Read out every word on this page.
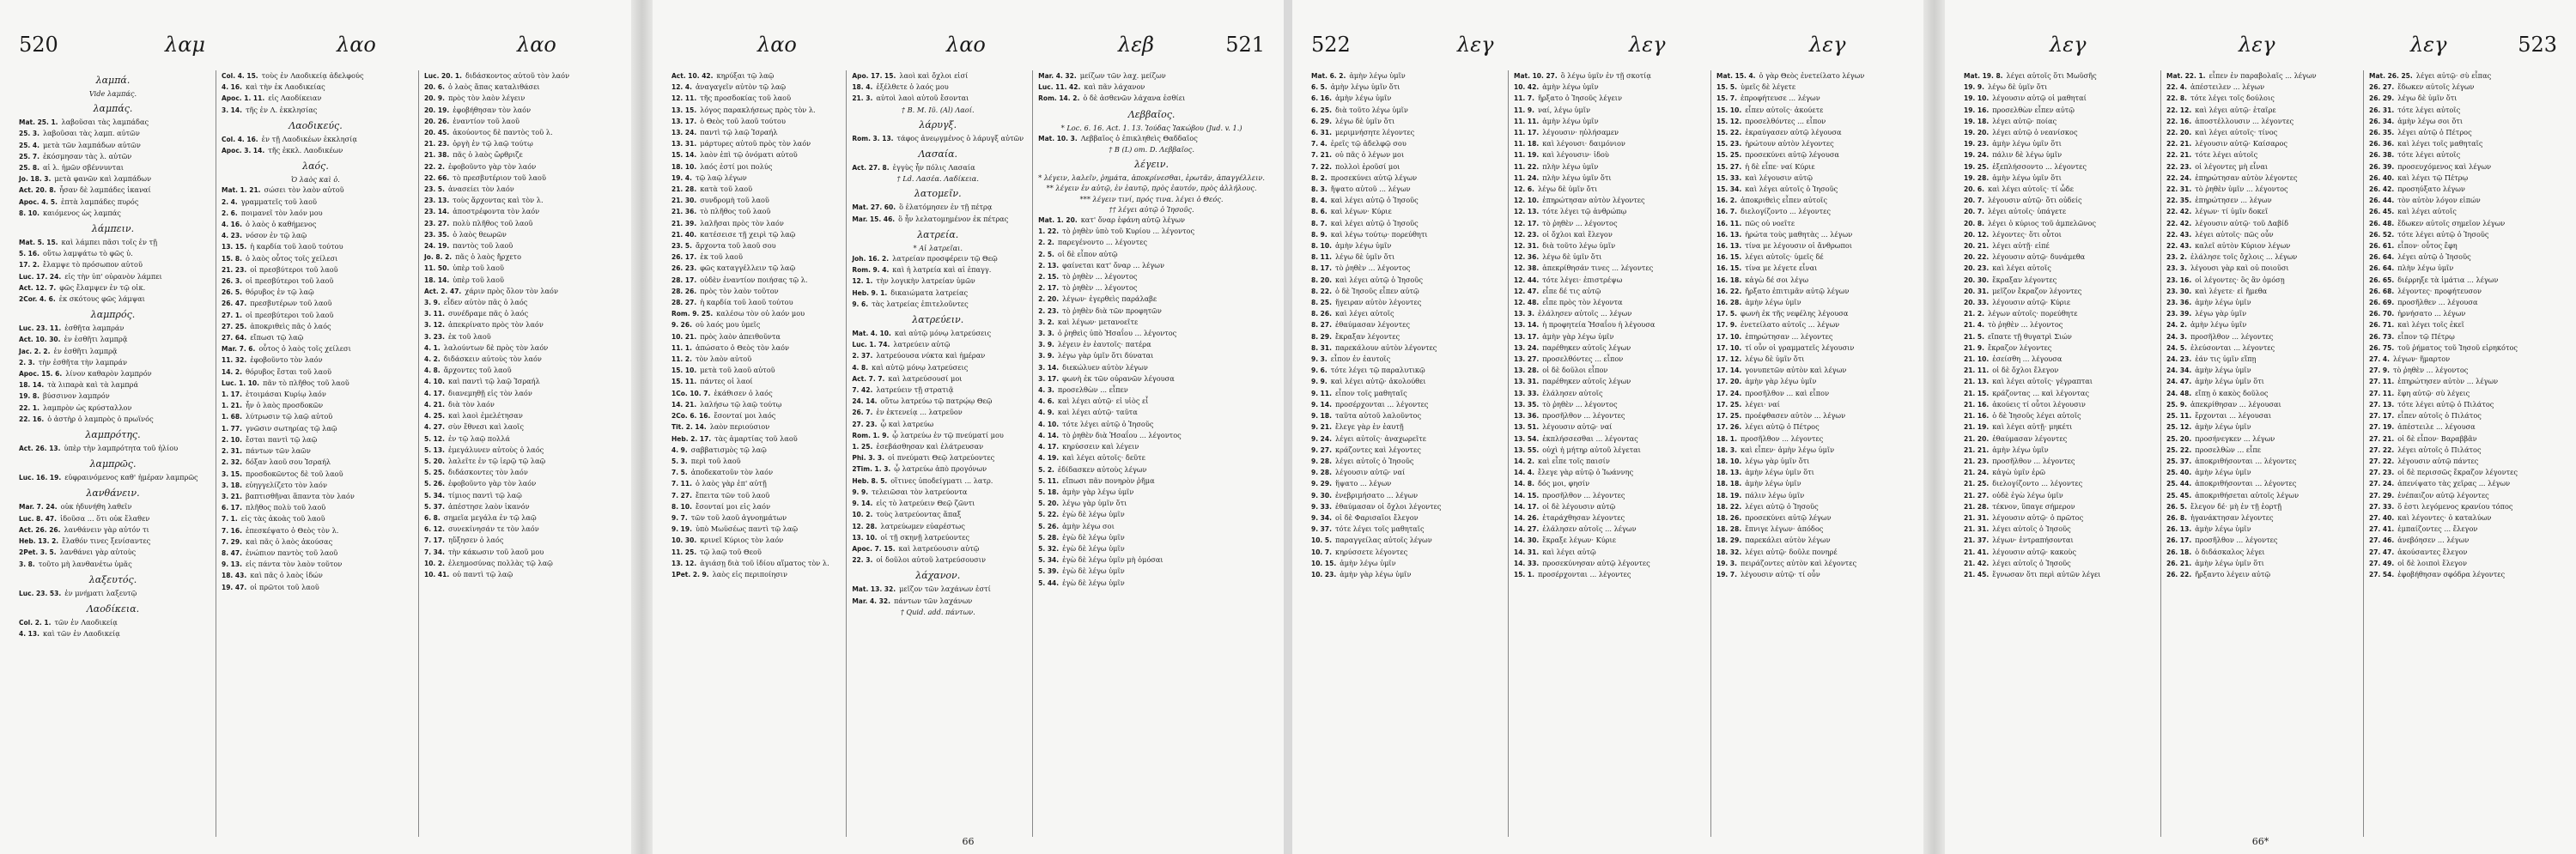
520	λαμ	λαο	λαο
λαμπά.
Vide λαμπάς.
λαμπάς.
Mat. 25. 1. λαβοῦσαι τὰς λαμπάδας
25. 3. λαβοῦσαι τὰς λαμπ. αὐτῶν
25. 4. μετὰ τῶν λαμπάδων αὐτῶν
25. 7. ἐκόσμησαν τὰς λ. αὐτῶν
25. 8. αἱ λ. ἡμῶν σβέννυνται
Jo. 18. 3. μετὰ φανῶν καὶ λαμπάδων
Act. 20. 8. ἦσαν δὲ λαμπάδες ἱκαναί
Apoc. 4. 5. ἑπτὰ λαμπάδες πυρός
8. 10. καιόμενος ὡς λαμπάς
λάμπειν.
Mat. 5. 15. καὶ λάμπει πᾶσι τοῖς ἐν τῇ
5. 16. οὕτω λαμψάτω τὸ φῶς ὑ.
17. 2. ἔλαμψε τὸ πρόσωπον αὐτοῦ
Luc. 17. 24. εἰς τὴν ὑπ' οὐρανὸν λάμπει
Act. 12. 7. φῶς ἔλαμψεν ἐν τῷ οἰκ.
2Cor. 4. 6. ἐκ σκότους φῶς λάμψαι
λαμπρός.
Luc. 23. 11. ἐσθῆτα λαμπράν
Act. 10. 30. ἐν ἐσθῆτι λαμπρᾷ
Jac. 2. 2. ἐν ἐσθῆτι λαμπρᾷ
2. 3. τὴν ἐσθῆτα τὴν λαμπράν
Apoc. 15. 6. λίνον καθαρὸν λαμπρόν
18. 14. τὰ λιπαρὰ καὶ τὰ λαμπρά
19. 8. βύσσινον λαμπρόν
22. 1. λαμπρὸν ὡς κρύσταλλον
22. 16. ὁ ἀστὴρ ὁ λαμπρὸς ὁ πρωϊνός
λαμπρότης.
Act. 26. 13. ὑπὲρ τὴν λαμπρότητα τοῦ ἡλίου
λαμπρῶς.
Luc. 16. 19. εὐφραινόμενος καθ' ἡμέραν λαμπρῶς
λανθάνειν.
Mar. 7. 24. οὐκ ἠδυνήθη λαθεῖν
Luc. 8. 47. ἰδοῦσα ... ὅτι οὐκ ἔλαθεν
Act. 26. 26. λανθάνειν γὰρ αὐτόν τι
Heb. 13. 2. ἔλαθόν τινες ξενίσαντες
2Pet. 3. 5. λανθάνει γὰρ αὐτοὺς
3. 8. τοῦτο μὴ λανθανέτω ὑμᾶς
λαξευτός.
Luc. 23. 53. ἐν μνήματι λαξευτῷ
Λαοδίκεια.
Col. 2. 1. τῶν ἐν Λαοδικείᾳ
4. 13. καὶ τῶν ἐν Λαοδικείᾳ
Col. 4. 15. τοὺς ἐν Λαοδικείᾳ ἀδελφούς
4. 16. καὶ τὴν ἐκ Λαοδικείας
Apoc. 1. 11. εἰς Λαοδίκειαν
3. 14. τῆς ἐν Λ. ἐκκλησίας
Λαοδικεύς.
Col. 4. 16. ἐν τῇ Λαοδικέων ἐκκλησίᾳ
Apoc. 3. 14. τῆς ἐκκλ. Λαοδικέων
λαός.
Ὁ λαὸς καὶ ὁ.
Mat. 1. 21. σώσει τὸν λαὸν αὐτοῦ
2. 4. γραμματεῖς τοῦ λαοῦ
2. 6. ποιμανεῖ τὸν λαόν μου
4. 16. ὁ λαὸς ὁ καθήμενος
4. 23. νόσον ἐν τῷ λαῷ
13. 15. ἡ καρδία τοῦ λαοῦ τούτου
15. 8. ὁ λαὸς οὗτος τοῖς χείλεσι
21. 23. οἱ πρεσβύτεροι τοῦ λαοῦ
26. 3. οἱ πρεσβύτεροι τοῦ λαοῦ
26. 5. θόρυβος ἐν τῷ λαῷ
26. 47. πρεσβυτέρων τοῦ λαοῦ
27. 1. οἱ πρεσβύτεροι τοῦ λαοῦ
27. 25. ἀποκριθεὶς πᾶς ὁ λαός
27. 64. εἴπωσι τῷ λαῷ
Mar. 7. 6. οὗτος ὁ λαὸς τοῖς χείλεσι
11. 32. ἐφοβοῦντο τὸν λαόν
14. 2. θόρυβος ἔσται τοῦ λαοῦ
Luc. 1. 10. πᾶν τὸ πλῆθος τοῦ λαοῦ
1. 17. ἑτοιμάσαι Κυρίῳ λαόν
1. 21. ἦν ὁ λαὸς προσδοκῶν
1. 68. λύτρωσιν τῷ λαῷ αὐτοῦ
1. 77. γνῶσιν σωτηρίας τῷ λαῷ
2. 10. ἔσται παντὶ τῷ λαῷ
2. 31. πάντων τῶν λαῶν
2. 32. δόξαν λαοῦ σου Ἰσραήλ
3. 15. προσδοκῶντος δὲ τοῦ λαοῦ
3. 18. εὐηγγελίζετο τὸν λαόν
3. 21. βαπτισθῆναι ἅπαντα τὸν λαόν
6. 17. πλῆθος πολὺ τοῦ λαοῦ
7. 1. εἰς τὰς ἀκοὰς τοῦ λαοῦ
7. 16. ἐπεσκέψατο ὁ Θεὸς τὸν λ.
7. 29. καὶ πᾶς ὁ λαὸς ἀκούσας
8. 47. ἐνώπιον παντὸς τοῦ λαοῦ
9. 13. εἰς πάντα τὸν λαὸν τοῦτον
18. 43. καὶ πᾶς ὁ λαὸς ἰδών
19. 47. οἱ πρῶτοι τοῦ λαοῦ
Luc. 20. 1. διδάσκοντος αὐτοῦ τὸν λαόν
20. 6. ὁ λαὸς ἅπας καταλιθάσει
20. 9. πρὸς τὸν λαὸν λέγειν
20. 19. ἐφοβήθησαν τὸν λαόν
20. 26. ἐναντίον τοῦ λαοῦ
20. 45. ἀκούοντος δὲ παντὸς τοῦ λ.
21. 23. ὀργὴ ἐν τῷ λαῷ τούτῳ
21. 38. πᾶς ὁ λαὸς ὤρθριζε
22. 2. ἐφοβοῦντο γὰρ τὸν λαόν
22. 66. τὸ πρεσβυτέριον τοῦ λαοῦ
23. 5. ἀνασείει τὸν λαόν
23. 13. τοὺς ἄρχοντας καὶ τὸν λ.
23. 14. ἀποστρέφοντα τὸν λαόν
23. 27. πολὺ πλῆθος τοῦ λαοῦ
23. 35. ὁ λαὸς θεωρῶν
24. 19. παντὸς τοῦ λαοῦ
Jo. 8. 2. πᾶς ὁ λαὸς ἤρχετο
11. 50. ὑπὲρ τοῦ λαοῦ
18. 14. ὑπὲρ τοῦ λαοῦ
Act. 2. 47. χάριν πρὸς ὅλον τὸν λαόν
3. 9. εἶδεν αὐτὸν πᾶς ὁ λαός
3. 11. συνέδραμε πᾶς ὁ λαός
3. 12. ἀπεκρίνατο πρὸς τὸν λαόν
3. 23. ἐκ τοῦ λαοῦ
4. 1. λαλούντων δὲ πρὸς τὸν λαόν
4. 2. διδάσκειν αὐτοὺς τὸν λαόν
4. 8. ἄρχοντες τοῦ λαοῦ
4. 10. καὶ παντὶ τῷ λαῷ Ἰσραήλ
4. 17. διανεμηθῇ εἰς τὸν λαόν
4. 21. διὰ τὸν λαόν
4. 25. καὶ λαοὶ ἐμελέτησαν
4. 27. σὺν ἔθνεσι καὶ λαοῖς
5. 12. ἐν τῷ λαῷ πολλά
5. 13. ἐμεγάλυνεν αὐτοὺς ὁ λαός
5. 20. λαλεῖτε ἐν τῷ ἱερῷ τῷ λαῷ
5. 25. διδάσκοντες τὸν λαόν
5. 26. ἐφοβοῦντο γὰρ τὸν λαόν
5. 34. τίμιος παντὶ τῷ λαῷ
5. 37. ἀπέστησε λαὸν ἱκανόν
6. 8. σημεῖα μεγάλα ἐν τῷ λαῷ
6. 12. συνεκίνησάν τε τὸν λαόν
7. 17. ηὔξησεν ὁ λαός
7. 34. τὴν κάκωσιν τοῦ λαοῦ μου
10. 2. ἐλεημοσύνας πολλὰς τῷ λαῷ
10. 41. οὐ παντὶ τῷ λαῷ
λαο	λαο	λεβ	521
Act. 10. 42. κηρύξαι τῷ λαῷ
12. 4. ἀναγαγεῖν αὐτὸν τῷ λαῷ
12. 11. τῆς προσδοκίας τοῦ λαοῦ
13. 15. λόγος παρακλήσεως πρὸς τὸν λ.
13. 17. ὁ Θεὸς τοῦ λαοῦ τούτου
13. 24. παντὶ τῷ λαῷ Ἰσραήλ
13. 31. μάρτυρες αὐτοῦ πρὸς τὸν λαόν
15. 14. λαὸν ἐπὶ τῷ ὀνόματι αὐτοῦ
18. 10. λαός ἐστί μοι πολύς
19. 4. τῷ λαῷ λέγων
21. 28. κατὰ τοῦ λαοῦ
21. 30. συνδρομὴ τοῦ λαοῦ
21. 36. τὸ πλῆθος τοῦ λαοῦ
21. 39. λαλῆσαι πρὸς τὸν λαόν
21. 40. κατέσεισε τῇ χειρὶ τῷ λαῷ
23. 5. ἄρχοντα τοῦ λαοῦ σου
26. 17. ἐκ τοῦ λαοῦ
26. 23. φῶς καταγγέλλειν τῷ λαῷ
28. 17. οὐδὲν ἐναντίον ποιήσας τῷ λ.
28. 26. πρὸς τὸν λαὸν τοῦτον
28. 27. ἡ καρδία τοῦ λαοῦ τούτου
Rom. 9. 25. καλέσω τὸν οὐ λαόν μου
9. 26. οὐ λαός μου ὑμεῖς
10. 21. πρὸς λαὸν ἀπειθοῦντα
11. 1. ἀπώσατο ὁ Θεὸς τὸν λαόν
11. 2. τὸν λαὸν αὐτοῦ
15. 10. μετὰ τοῦ λαοῦ αὐτοῦ
15. 11. πάντες οἱ λαοί
1Co. 10. 7. ἐκάθισεν ὁ λαός
14. 21. λαλήσω τῷ λαῷ τούτῳ
2Co. 6. 16. ἔσονταί μοι λαός
Tit. 2. 14. λαὸν περιούσιον
Heb. 2. 17. τὰς ἁμαρτίας τοῦ λαοῦ
4. 9. σαββατισμὸς τῷ λαῷ
5. 3. περὶ τοῦ λαοῦ
7. 5. ἀποδεκατοῦν τὸν λαόν
7. 11. ὁ λαὸς γὰρ ἐπ' αὐτῇ
7. 27. ἔπειτα τῶν τοῦ λαοῦ
8. 10. ἔσονταί μοι εἰς λαόν
9. 7. τῶν τοῦ λαοῦ ἀγνοημάτων
9. 19. ὑπὸ Μωϋσέως παντὶ τῷ λαῷ
10. 30. κρινεῖ Κύριος τὸν λαόν
11. 25. τῷ λαῷ τοῦ Θεοῦ
13. 12. ἁγιάσῃ διὰ τοῦ ἰδίου αἵματος τὸν λ.
1Pet. 2. 9. λαὸς εἰς περιποίησιν
Apo. 17. 15. λαοὶ καὶ ὄχλοι εἰσί
18. 4. ἐξέλθετε ὁ λαός μου
21. 3. αὐτοὶ λαοὶ αὐτοῦ ἔσονται
† Β. Μ. Ιῦ. (Al) Λαοί.
λάρυγξ.
Rom. 3. 13. τάφος ἀνεῳγμένος ὁ λάρυγξ αὐτῶν
Λασαία.
Act. 27. 8. ἐγγὺς ἦν πόλις Λασαία
† Ld. Λασέα. Λαδίκεια.
λατομεῖν.
Mat. 27. 60. ὃ ἐλατόμησεν ἐν τῇ πέτρᾳ
Mar. 15. 46. ὃ ἦν λελατομημένον ἐκ πέτρας
λατρεία.
* Αἱ λατρεῖαι.
Joh. 16. 2. λατρείαν προσφέρειν τῷ Θεῷ
Rom. 9. 4. καὶ ἡ λατρεία καὶ αἱ ἐπαγγ.
12. 1. τὴν λογικὴν λατρείαν ὑμῶν
Heb. 9. 1. δικαιώματα λατρείας
9. 6. τὰς λατρείας ἐπιτελοῦντες
λατρεύειν.
Mat. 4. 10. καὶ αὐτῷ μόνῳ λατρεύσεις
Luc. 1. 74. λατρεύειν αὐτῷ
2. 37. λατρεύουσα νύκτα καὶ ἡμέραν
4. 8. καὶ αὐτῷ μόνῳ λατρεύσεις
Act. 7. 7. καὶ λατρεύσουσί μοι
7. 42. λατρεύειν τῇ στρατιᾷ
24. 14. οὕτω λατρεύω τῷ πατρῴῳ Θεῷ
26. 7. ἐν ἐκτενείᾳ ... λατρεῦον
27. 23. ᾧ καὶ λατρεύω
Rom. 1. 9. ᾧ λατρεύω ἐν τῷ πνεύματί μου
1. 25. ἐσεβάσθησαν καὶ ἐλάτρευσαν
Phi. 3. 3. οἱ πνεύματι Θεῷ λατρεύοντες
2Tim. 1. 3. ᾧ λατρεύω ἀπὸ προγόνων
Heb. 8. 5. οἵτινες ὑποδείγματι ... λατρ.
9. 9. τελειῶσαι τὸν λατρεύοντα
9. 14. εἰς τὸ λατρεύειν Θεῷ ζῶντι
10. 2. τοὺς λατρεύοντας ἅπαξ
12. 28. λατρεύωμεν εὐαρέστως
13. 10. οἱ τῇ σκηνῇ λατρεύοντες
Apoc. 7. 15. καὶ λατρεύουσιν αὐτῷ
22. 3. οἱ δοῦλοι αὐτοῦ λατρεύσουσιν
λάχανον.
Mat. 13. 32. μεῖζον τῶν λαχάνων ἐστί
Mar. 4. 32. πάντων τῶν λαχάνων
† Quid. add. πάντων.
Mar. 4. 32. μείζων τῶν λαχ. μείζων
Luc. 11. 42. καὶ πᾶν λάχανον
Rom. 14. 2. ὁ δὲ ἀσθενῶν λάχανα ἐσθίει
Λεββαῖος.
* Loc. 6. 16. Act. 1. 13. Ἰούδας Ἰακώβου (Jud. v. 1.)
Mat. 10. 3. Λεββαῖος ὁ ἐπικληθεὶς Θαδδαῖος
† B (L) om. D. Λεββαῖος.
λέγειν.
* λέγειν, λαλεῖν, ῥημάτα, ἀποκρίνεσθαι, ἐρωτᾶν, ἀπαγγέλλειν.
** λέγειν ἐν αὐτῷ, ἐν ἑαυτῷ, πρὸς ἑαυτόν, πρὸς ἀλλήλους.
*** λέγειν τινί, πρός τινα. λέγει ὁ Θεός.
†† λέγει αὐτῷ ὁ Ἰησοῦς.
Mat. 1. 20. κατ' ὄναρ ἐφάνη αὐτῷ λέγων
1. 22. τὸ ῥηθὲν ὑπὸ τοῦ Κυρίου ... λέγοντος
2. 2. παρεγένοντο ... λέγοντες
2. 5. οἱ δὲ εἶπον αὐτῷ
2. 13. φαίνεται κατ' ὄναρ ... λέγων
2. 15. τὸ ῥηθὲν ... λέγοντος
2. 17. τὸ ῥηθὲν ... λέγοντος
2. 20. λέγων· ἐγερθεὶς παράλαβε
2. 23. τὸ ῥηθὲν διὰ τῶν προφητῶν
3. 2. καὶ λέγων· μετανοεῖτε
3. 3. ὁ ῥηθεὶς ὑπὸ Ἡσαΐου ... λέγοντος
3. 9. λέγειν ἐν ἑαυτοῖς· πατέρα
3. 9. λέγω γὰρ ὑμῖν ὅτι δύναται
3. 14. διεκώλυεν αὐτὸν λέγων
3. 17. φωνὴ ἐκ τῶν οὐρανῶν λέγουσα
4. 3. προσελθὼν ... εἶπεν
4. 6. καὶ λέγει αὐτῷ· εἰ υἱὸς εἶ
4. 9. καὶ λέγει αὐτῷ· ταῦτα
4. 10. τότε λέγει αὐτῷ ὁ Ἰησοῦς
4. 14. τὸ ῥηθὲν διὰ Ἡσαΐου ... λέγοντος
4. 17. κηρύσσειν καὶ λέγειν
4. 19. καὶ λέγει αὐτοῖς· δεῦτε
5. 2. ἐδίδασκεν αὐτοὺς λέγων
5. 11. εἴπωσι πᾶν πονηρὸν ῥῆμα
5. 18. ἀμὴν γὰρ λέγω ὑμῖν
5. 20. λέγω γὰρ ὑμῖν ὅτι
5. 22. ἐγὼ δὲ λέγω ὑμῖν
5. 26. ἀμὴν λέγω σοι
5. 28. ἐγὼ δὲ λέγω ὑμῖν
5. 32. ἐγὼ δὲ λέγω ὑμῖν
5. 34. ἐγὼ δὲ λέγω ὑμῖν μὴ ὀμόσαι
5. 39. ἐγὼ δὲ λέγω ὑμῖν
5. 44. ἐγὼ δὲ λέγω ὑμῖν
66
522	λεγ	λεγ	λεγ
Mat. 6. 2. ἀμὴν λέγω ὑμῖν
6. 5. ἀμὴν λέγω ὑμῖν ὅτι
6. 16. ἀμὴν λέγω ὑμῖν
6. 25. διὰ τοῦτο λέγω ὑμῖν
6. 29. λέγω δὲ ὑμῖν ὅτι
6. 31. μεριμνήσητε λέγοντες
7. 4. ἐρεῖς τῷ ἀδελφῷ σου
7. 21. οὐ πᾶς ὁ λέγων μοι
7. 22. πολλοὶ ἐροῦσί μοι
8. 2. προσεκύνει αὐτῷ λέγων
8. 3. ἥψατο αὐτοῦ ... λέγων
8. 4. καὶ λέγει αὐτῷ ὁ Ἰησοῦς
8. 6. καὶ λέγων· Κύριε
8. 7. καὶ λέγει αὐτῷ ὁ Ἰησοῦς
8. 9. καὶ λέγω τούτῳ· πορεύθητι
8. 10. ἀμὴν λέγω ὑμῖν
8. 11. λέγω δὲ ὑμῖν ὅτι
8. 17. τὸ ῥηθὲν ... λέγοντος
8. 20. καὶ λέγει αὐτῷ ὁ Ἰησοῦς
8. 22. ὁ δὲ Ἰησοῦς εἶπεν αὐτῷ
8. 25. ἤγειραν αὐτὸν λέγοντες
8. 26. καὶ λέγει αὐτοῖς
8. 27. ἐθαύμασαν λέγοντες
8. 29. ἔκραξαν λέγοντες
8. 31. παρεκάλουν αὐτὸν λέγοντες
9. 3. εἶπον ἐν ἑαυτοῖς
9. 6. τότε λέγει τῷ παραλυτικῷ
9. 9. καὶ λέγει αὐτῷ· ἀκολούθει
9. 11. εἶπον τοῖς μαθηταῖς
9. 14. προσέρχονται ... λέγοντες
9. 18. ταῦτα αὐτοῦ λαλοῦντος
9. 21. ἔλεγε γὰρ ἐν ἑαυτῇ
9. 24. λέγει αὐτοῖς· ἀναχωρεῖτε
9. 27. κράζοντες καὶ λέγοντες
9. 28. λέγει αὐτοῖς ὁ Ἰησοῦς
9. 28. λέγουσιν αὐτῷ· ναί
9. 29. ἥψατο ... λέγων
9. 30. ἐνεβριμήσατο ... λέγων
9. 33. ἐθαύμασαν οἱ ὄχλοι λέγοντες
9. 34. οἱ δὲ Φαρισαῖοι ἔλεγον
9. 37. τότε λέγει τοῖς μαθηταῖς
10. 5. παραγγείλας αὐτοῖς λέγων
10. 7. κηρύσσετε λέγοντες
10. 15. ἀμὴν λέγω ὑμῖν
10. 23. ἀμὴν γὰρ λέγω ὑμῖν
Mat. 10. 27. ὃ λέγω ὑμῖν ἐν τῇ σκοτίᾳ
10. 42. ἀμὴν λέγω ὑμῖν
11. 7. ἤρξατο ὁ Ἰησοῦς λέγειν
11. 9. ναί, λέγω ὑμῖν
11. 11. ἀμὴν λέγω ὑμῖν
11. 17. λέγουσιν· ηὐλήσαμεν
11. 18. καὶ λέγουσι· δαιμόνιον
11. 19. καὶ λέγουσιν· ἰδοὺ
11. 22. πλὴν λέγω ὑμῖν
11. 24. πλὴν λέγω ὑμῖν ὅτι
12. 6. λέγω δὲ ὑμῖν ὅτι
12. 10. ἐπηρώτησαν αὐτὸν λέγοντες
12. 13. τότε λέγει τῷ ἀνθρώπῳ
12. 17. τὸ ῥηθὲν ... λέγοντος
12. 23. οἱ ὄχλοι καὶ ἔλεγον
12. 31. διὰ τοῦτο λέγω ὑμῖν
12. 36. λέγω δὲ ὑμῖν ὅτι
12. 38. ἀπεκρίθησάν τινες ... λέγοντες
12. 44. τότε λέγει· ἐπιστρέψω
12. 47. εἶπε δέ τις αὐτῷ
12. 48. εἶπε πρὸς τὸν λέγοντα
13. 3. ἐλάλησεν αὐτοῖς ... λέγων
13. 14. ἡ προφητεία Ἡσαΐου ἡ λέγουσα
13. 17. ἀμὴν γὰρ λέγω ὑμῖν
13. 24. παρέθηκεν αὐτοῖς λέγων
13. 27. προσελθόντες ... εἶπον
13. 28. οἱ δὲ δοῦλοι εἶπον
13. 31. παρέθηκεν αὐτοῖς λέγων
13. 33. ἐλάλησεν αὐτοῖς
13. 35. τὸ ῥηθὲν ... λέγοντος
13. 36. προσῆλθον ... λέγοντες
13. 51. λέγουσιν αὐτῷ· ναί
13. 54. ἐκπλήσσεσθαι ... λέγοντας
13. 55. οὐχὶ ἡ μήτηρ αὐτοῦ λέγεται
14. 2. καὶ εἶπε τοῖς παισίν
14. 4. ἔλεγε γὰρ αὐτῷ ὁ Ἰωάννης
14. 8. δός μοι, φησίν
14. 15. προσῆλθον ... λέγοντες
14. 17. οἱ δὲ λέγουσιν αὐτῷ
14. 26. ἐταράχθησαν λέγοντες
14. 27. ἐλάλησεν αὐτοῖς ... λέγων
14. 30. ἔκραξε λέγων· Κύριε
14. 31. καὶ λέγει αὐτῷ
14. 33. προσεκύνησαν αὐτῷ λέγοντες
15. 1. προσέρχονται ... λέγοντες
Mat. 15. 4. ὁ γὰρ Θεὸς ἐνετείλατο λέγων
15. 5. ὑμεῖς δὲ λέγετε
15. 7. ἐπροφήτευσε ... λέγων
15. 10. εἶπεν αὐτοῖς· ἀκούετε
15. 12. προσελθόντες ... εἶπον
15. 22. ἐκραύγασεν αὐτῷ λέγουσα
15. 23. ἠρώτουν αὐτὸν λέγοντες
15. 25. προσεκύνει αὐτῷ λέγουσα
15. 27. ἡ δὲ εἶπε· ναί Κύριε
15. 33. καὶ λέγουσιν αὐτῷ
15. 34. καὶ λέγει αὐτοῖς ὁ Ἰησοῦς
16. 2. ἀποκριθεὶς εἶπεν αὐτοῖς
16. 7. διελογίζοντο ... λέγοντες
16. 11. πῶς οὐ νοεῖτε
16. 13. ἠρώτα τοὺς μαθητὰς ... λέγων
16. 13. τίνα με λέγουσιν οἱ ἄνθρωποι
16. 15. λέγει αὐτοῖς· ὑμεῖς δέ
16. 15. τίνα με λέγετε εἶναι
16. 18. κἀγὼ δέ σοι λέγω
16. 22. ἤρξατο ἐπιτιμᾶν αὐτῷ λέγων
16. 28. ἀμὴν λέγω ὑμῖν
17. 5. φωνὴ ἐκ τῆς νεφέλης λέγουσα
17. 9. ἐνετείλατο αὐτοῖς ... λέγων
17. 10. ἐπηρώτησαν ... λέγοντες
17. 10. τί οὖν οἱ γραμματεῖς λέγουσιν
17. 12. λέγω δὲ ὑμῖν ὅτι
17. 14. γονυπετῶν αὐτὸν καὶ λέγων
17. 20. ἀμὴν γὰρ λέγω ὑμῖν
17. 24. προσῆλθον ... καὶ εἶπον
17. 25. λέγει· ναί
17. 25. προέφθασεν αὐτὸν ... λέγων
17. 26. λέγει αὐτῷ ὁ Πέτρος
18. 1. προσῆλθον ... λέγοντες
18. 3. καὶ εἶπεν· ἀμὴν λέγω ὑμῖν
18. 10. λέγω γὰρ ὑμῖν ὅτι
18. 13. ἀμὴν λέγω ὑμῖν ὅτι
18. 18. ἀμὴν λέγω ὑμῖν
18. 19. πάλιν λέγω ὑμῖν
18. 22. λέγει αὐτῷ ὁ Ἰησοῦς
18. 26. προσεκύνει αὐτῷ λέγων
18. 28. ἔπνιγε λέγων· ἀπόδος
18. 29. παρεκάλει αὐτὸν λέγων
18. 32. λέγει αὐτῷ· δοῦλε πονηρέ
19. 3. πειράζοντες αὐτὸν καὶ λέγοντες
19. 7. λέγουσιν αὐτῷ· τί οὖν
λεγ	λεγ	λεγ	523
Mat. 19. 8. λέγει αὐτοῖς ὅτι Μωϋσῆς
19. 9. λέγω δὲ ὑμῖν ὅτι
19. 10. λέγουσιν αὐτῷ οἱ μαθηταί
19. 16. προσελθὼν εἶπεν αὐτῷ
19. 18. λέγει αὐτῷ· ποίας
19. 20. λέγει αὐτῷ ὁ νεανίσκος
19. 23. ἀμὴν λέγω ὑμῖν ὅτι
19. 24. πάλιν δὲ λέγω ὑμῖν
19. 25. ἐξεπλήσσοντο ... λέγοντες
19. 28. ἀμὴν λέγω ὑμῖν ὅτι
20. 6. καὶ λέγει αὐτοῖς· τί ὧδε
20. 7. λέγουσιν αὐτῷ· ὅτι οὐδείς
20. 7. λέγει αὐτοῖς· ὑπάγετε
20. 8. λέγει ὁ κύριος τοῦ ἀμπελῶνος
20. 12. λέγοντες· ὅτι οὗτοι
20. 21. λέγει αὐτῇ· εἰπέ
20. 22. λέγουσιν αὐτῷ· δυνάμεθα
20. 23. καὶ λέγει αὐτοῖς
20. 30. ἔκραξαν λέγοντες
20. 31. μεῖζον ἔκραζον λέγοντες
20. 33. λέγουσιν αὐτῷ· Κύριε
21. 2. λέγων αὐτοῖς· πορεύθητε
21. 4. τὸ ῥηθὲν ... λέγοντος
21. 5. εἴπατε τῇ θυγατρὶ Σιών
21. 9. ἔκραζον λέγοντες
21. 10. ἐσείσθη ... λέγουσα
21. 11. οἱ δὲ ὄχλοι ἔλεγον
21. 13. καὶ λέγει αὐτοῖς· γέγραπται
21. 15. κράζοντας ... καὶ λέγοντας
21. 16. ἀκούεις τί οὗτοι λέγουσιν
21. 16. ὁ δὲ Ἰησοῦς λέγει αὐτοῖς
21. 19. καὶ λέγει αὐτῇ· μηκέτι
21. 20. ἐθαύμασαν λέγοντες
21. 21. ἀμὴν λέγω ὑμῖν
21. 23. προσῆλθον ... λέγοντες
21. 24. κἀγὼ ὑμῖν ἐρῶ
21. 25. διελογίζοντο ... λέγοντες
21. 27. οὐδὲ ἐγὼ λέγω ὑμῖν
21. 28. τέκνον, ὕπαγε σήμερον
21. 31. λέγουσιν αὐτῷ· ὁ πρῶτος
21. 31. λέγει αὐτοῖς ὁ Ἰησοῦς
21. 37. λέγων· ἐντραπήσονται
21. 41. λέγουσιν αὐτῷ· κακοὺς
21. 42. λέγει αὐτοῖς ὁ Ἰησοῦς
21. 45. ἔγνωσαν ὅτι περὶ αὐτῶν λέγει
Mat. 22. 1. εἶπεν ἐν παραβολαῖς ... λέγων
22. 4. ἀπέστειλεν ... λέγων
22. 8. τότε λέγει τοῖς δούλοις
22. 12. καὶ λέγει αὐτῷ· ἑταῖρε
22. 16. ἀποστέλλουσιν ... λέγοντες
22. 20. καὶ λέγει αὐτοῖς· τίνος
22. 21. λέγουσιν αὐτῷ· Καίσαρος
22. 21. τότε λέγει αὐτοῖς
22. 23. οἱ λέγοντες μὴ εἶναι
22. 24. ἐπηρώτησαν αὐτὸν λέγοντες
22. 31. τὸ ῥηθὲν ὑμῖν ... λέγοντος
22. 35. ἐπηρώτησεν ... λέγων
22. 42. λέγων· τί ὑμῖν δοκεῖ
22. 42. λέγουσιν αὐτῷ· τοῦ Δαβίδ
22. 43. λέγει αὐτοῖς· πῶς οὖν
22. 43. καλεῖ αὐτὸν Κύριον λέγων
23. 2. ἐλάλησε τοῖς ὄχλοις ... λέγων
23. 3. λέγουσι γὰρ καὶ οὐ ποιοῦσι
23. 16. οἱ λέγοντες· ὃς ἂν ὀμόσῃ
23. 30. καὶ λέγετε· εἰ ἤμεθα
23. 36. ἀμὴν λέγω ὑμῖν
23. 39. λέγω γὰρ ὑμῖν
24. 2. ἀμὴν λέγω ὑμῖν
24. 3. προσῆλθον ... λέγοντες
24. 5. ἐλεύσονται ... λέγοντες
24. 23. ἐάν τις ὑμῖν εἴπῃ
24. 34. ἀμὴν λέγω ὑμῖν
24. 47. ἀμὴν λέγω ὑμῖν ὅτι
24. 48. εἴπῃ ὁ κακὸς δοῦλος
25. 9. ἀπεκρίθησαν ... λέγουσαι
25. 11. ἔρχονται ... λέγουσαι
25. 12. ἀμὴν λέγω ὑμῖν
25. 20. προσήνεγκεν ... λέγων
25. 22. προσελθὼν ... εἶπε
25. 37. ἀποκριθήσονται ... λέγοντες
25. 40. ἀμὴν λέγω ὑμῖν
25. 44. ἀποκριθήσονται ... λέγοντες
25. 45. ἀποκριθήσεται αὐτοῖς λέγων
26. 5. ἔλεγον δέ· μὴ ἐν τῇ ἑορτῇ
26. 8. ἠγανάκτησαν λέγοντες
26. 13. ἀμὴν λέγω ὑμῖν
26. 17. προσῆλθον ... λέγοντες
26. 18. ὁ διδάσκαλος λέγει
26. 21. ἀμὴν λέγω ὑμῖν ὅτι
26. 22. ἤρξαντο λέγειν αὐτῷ
Mat. 26. 25. λέγει αὐτῷ· σὺ εἶπας
26. 27. ἔδωκεν αὐτοῖς λέγων
26. 29. λέγω δὲ ὑμῖν ὅτι
26. 31. τότε λέγει αὐτοῖς
26. 34. ἀμὴν λέγω σοι ὅτι
26. 35. λέγει αὐτῷ ὁ Πέτρος
26. 36. καὶ λέγει τοῖς μαθηταῖς
26. 38. τότε λέγει αὐτοῖς
26. 39. προσευχόμενος καὶ λέγων
26. 40. καὶ λέγει τῷ Πέτρῳ
26. 42. προσηύξατο λέγων
26. 44. τὸν αὐτὸν λόγον εἰπών
26. 45. καὶ λέγει αὐτοῖς
26. 48. ἔδωκεν αὐτοῖς σημεῖον λέγων
26. 52. τότε λέγει αὐτῷ ὁ Ἰησοῦς
26. 61. εἶπον· οὗτος ἔφη
26. 64. λέγει αὐτῷ ὁ Ἰησοῦς
26. 64. πλὴν λέγω ὑμῖν
26. 65. διέρρηξε τὰ ἱμάτια ... λέγων
26. 68. λέγοντες· προφήτευσον
26. 69. προσῆλθεν ... λέγουσα
26. 70. ἠρνήσατο ... λέγων
26. 71. καὶ λέγει τοῖς ἐκεῖ
26. 73. εἶπον τῷ Πέτρῳ
26. 75. τοῦ ῥήματος τοῦ Ἰησοῦ εἰρηκότος
27. 4. λέγων· ἥμαρτον
27. 9. τὸ ῥηθὲν ... λέγοντος
27. 11. ἐπηρώτησεν αὐτὸν ... λέγων
27. 11. ἔφη αὐτῷ· σὺ λέγεις
27. 13. τότε λέγει αὐτῷ ὁ Πιλάτος
27. 17. εἶπεν αὐτοῖς ὁ Πιλάτος
27. 19. ἀπέστειλε ... λέγουσα
27. 21. οἱ δὲ εἶπον· Βαραββᾶν
27. 22. λέγει αὐτοῖς ὁ Πιλάτος
27. 22. λέγουσιν αὐτῷ πάντες
27. 23. οἱ δὲ περισσῶς ἔκραζον λέγοντες
27. 24. ἀπενίψατο τὰς χεῖρας ... λέγων
27. 29. ἐνέπαιζον αὐτῷ λέγοντες
27. 33. ὅ ἐστι λεγόμενος κρανίου τόπος
27. 40. καὶ λέγοντες· ὁ καταλύων
27. 41. ἐμπαίζοντες ... ἔλεγον
27. 46. ἀνεβόησεν ... λέγων
27. 47. ἀκούσαντες ἔλεγον
27. 49. οἱ δὲ λοιποὶ ἔλεγον
27. 54. ἐφοβήθησαν σφόδρα λέγοντες
66*
